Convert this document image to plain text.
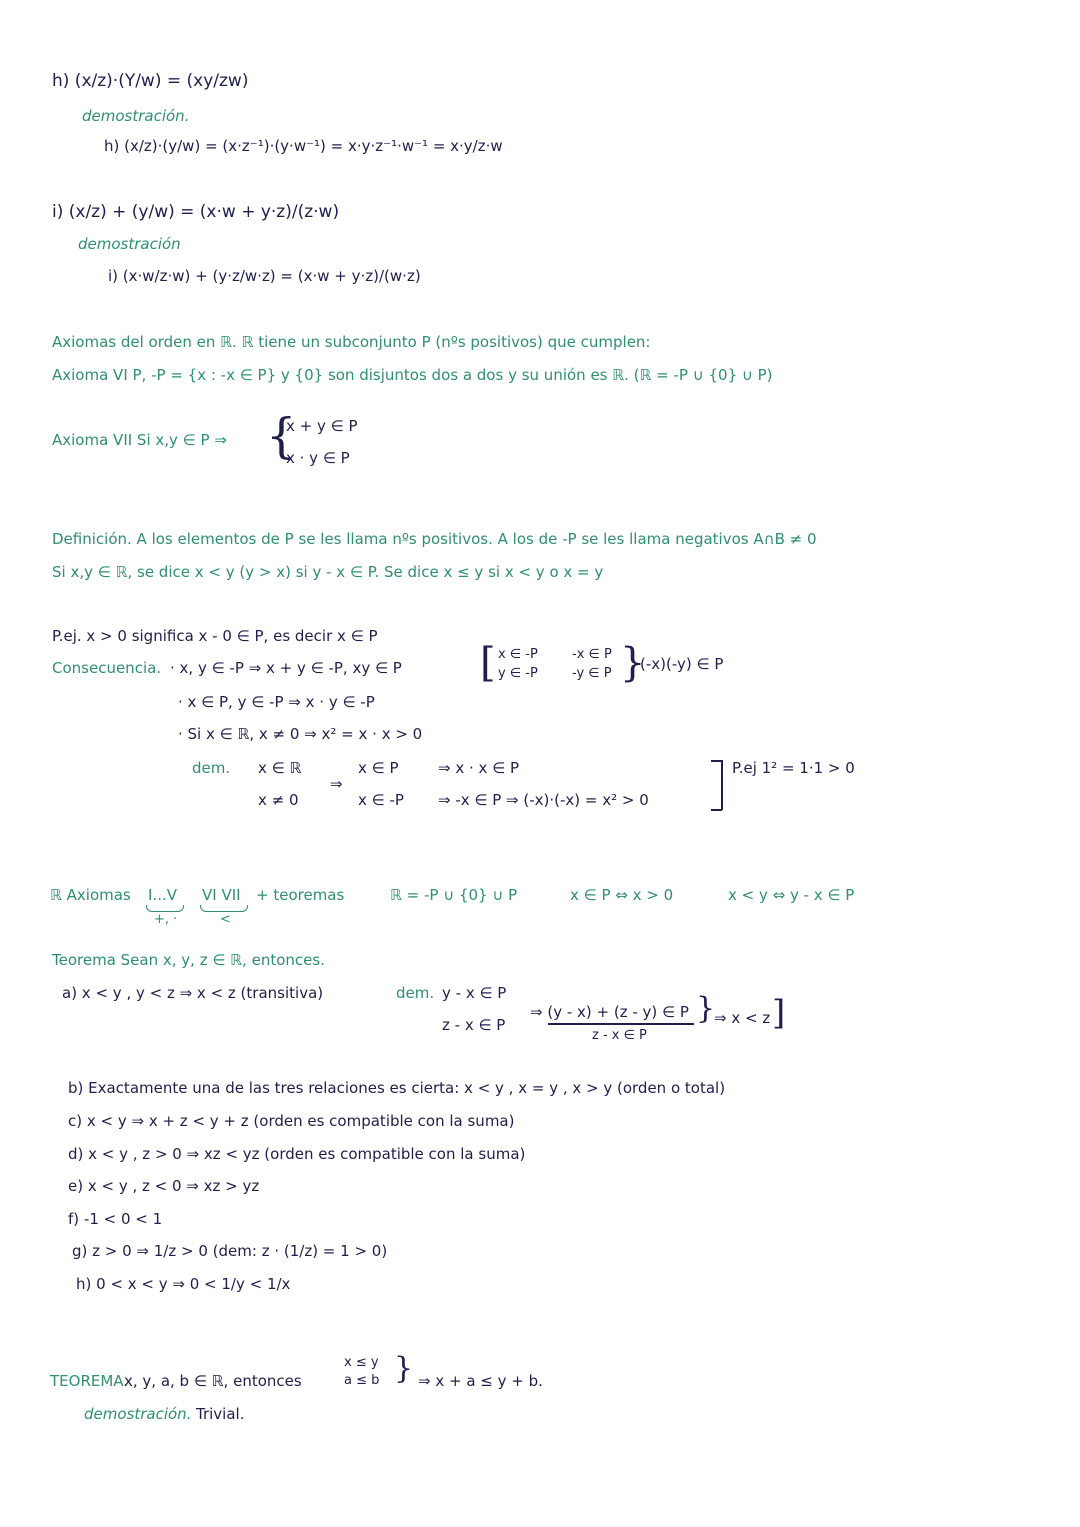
h) (x/z)·(Y/w) = (xy/zw)
demostración.
h) (x/z)·(y/w) = (x·z⁻¹)·(y·w⁻¹) = x·y·z⁻¹·w⁻¹ = x·y/z·w
i) (x/z) + (y/w) = (x·w + y·z)/(z·w)
demostración
i) (x·w/z·w) + (y·z/w·z) = (x·w + y·z)/(w·z)
Axiomas del orden en ℝ. ℝ tiene un subconjunto P (nºs positivos) que cumplen:
Axioma VI P, -P = {x : -x ∈ P} y {0} son disjuntos dos a dos y su unión es ℝ. (ℝ = -P ∪ {0} ∪ P)
Axioma VII Si x,y ∈ P ⇒ {
x + y ∈ P
x · y ∈ P
Definición. A los elementos de P se les llama nºs positivos. A los de -P se les llama negativos A∩B ≠ 0
Si x,y ∈ ℝ, se dice x < y (y > x) si y - x ∈ P. Se dice x ≤ y si x < y o x = y
P.ej. x > 0 significa x - 0 ∈ P, es decir x ∈ P
Consecuencia. · x, y ∈ -P ⇒ x + y ∈ -P, xy ∈ P [ x ∈ -P
y ∈ -P
-x ∈ P
-y ∈ P }
(-x)(-y) ∈ P
· x ∈ P, y ∈ -P ⇒ x · y ∈ -P
· Si x ∈ ℝ, x ≠ 0 ⇒ x² = x · x > 0
dem. x ∈ ℝ
x ≠ 0
⇒
x ∈ P	⇒ x · x ∈ P
x ∈ -P ⇒ -x ∈ P ⇒ (-x)·(-x) = x² > 0
P.ej 1² = 1·1 > 0
ℝ Axiomas I...V
+, ·
VI VII
<
+ teoremas	ℝ = -P ∪ {0} ∪ P	x ∈ P ⇔ x > 0	x < y ⇔ y - x ∈ P
Teorema Sean x, y, z ∈ ℝ, entonces.
a) x < y , y < z ⇒ x < z (transitiva)	dem. y - x ∈ P
z - x ∈ P
⇒ (y - x) + (z - y) ∈ P
z - x ∈ P
}
⇒ x < z ]
b) Exactamente una de las tres relaciones es cierta: x < y , x = y , x > y (orden o total)
c) x < y ⇒ x + z < y + z (orden es compatible con la suma)
d) x < y , z > 0 ⇒ xz < yz (orden es compatible con la suma)
e) x < y , z < 0 ⇒ xz > yz
f) -1 < 0 < 1
g) z > 0 ⇒ 1/z > 0 (dem: z · (1/z) = 1 > 0)
h) 0 < x < y ⇒ 0 < 1/y < 1/x
TEOREMA.
x, y, a, b ∈ ℝ, entonces
x ≤ y
a ≤ b } ⇒ x + a ≤ y + b.
demostración. Trivial.
